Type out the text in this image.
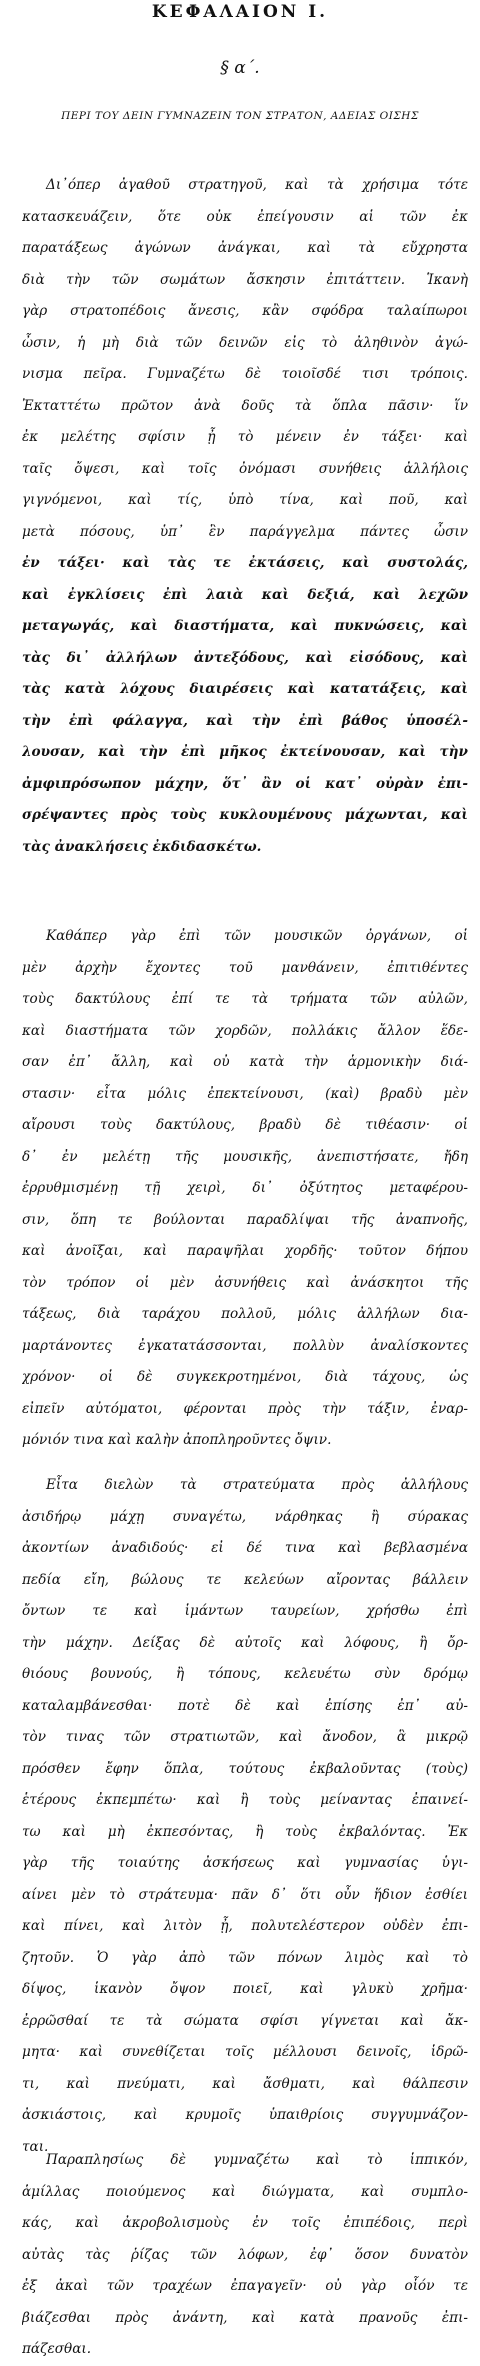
ΚΕΦΑΛΑΙΟΝ Ι.
§ α΄.
ΠΕΡΙ ΤΟΥ ΔΕΙΝ ΓΥΜΝΑΖΕΙΝ ΤΟΝ ΣΤΡΑΤΟΝ, ΑΔΕΙΑΣ ΟΙΣΗΣ
Δι᾽όπερ ἀγαθοῦ στρατηγοῦ, καὶ τὰ χρήσιμα τότε
κατασκευάζειν, ὅτε οὐκ ἐπείγουσιν αἱ τῶν ἐκ
παρατάξεως ἀγώνων ἀνάγκαι, καὶ τὰ εὔχρηστα
διὰ τὴν τῶν σωμάτων ἄσκησιν ἐπιτάττειν. Ἱκανὴ
γὰρ στρατοπέδοις ἄνεσις, κἂν σφόδρα ταλαίπωροι
ὦσιν, ἡ μὴ διὰ τῶν δεινῶν εἰς τὸ ἀληθινὸν ἀγώ-
νισμα πεῖρα. Γυμναζέτω δὲ τοιοῖσδέ τισι τρόποις.
Ἐκταττέτω πρῶτον ἀνὰ δοῦς τὰ ὅπλα πᾶσιν· ἵν
ἐκ μελέτης σφίσιν ᾖ τὸ μένειν ἐν τάξει· καὶ
ταῖς ὄψεσι, καὶ τοῖς ὀνόμασι συνήθεις ἀλλήλοις
γιγνόμενοι, καὶ τίς, ὑπὸ τίνα, καὶ ποῦ, καὶ
μετὰ πόσους, ὑπ᾽ ἓν παράγγελμα πάντες ὦσιν
ἐν τάξει· καὶ τὰς τε ἐκτάσεις, καὶ συστολάς,
καὶ ἐγκλίσεις ἐπὶ λαιὰ καὶ δεξιά, καὶ λεχῶν
μεταγωγάς, καὶ διαστήματα, καὶ πυκνώσεις, καὶ
τὰς δι᾽ ἀλλήλων ἀντεξόδους, καὶ εἰσόδους, καὶ
τὰς κατὰ λόχους διαιρέσεις καὶ κατατάξεις, καὶ
τὴν ἐπὶ φάλαγγα, καὶ τὴν ἐπὶ βάθος ὑποσέλ-
λουσαν, καὶ τὴν ἐπὶ μῆκος ἐκτείνουσαν, καὶ τὴν
ἀμφιπρόσωπον μάχην, ὅτ᾽ ἂν οἱ κατ᾽ οὐρὰν ἐπι-
σρέψαντες πρὸς τοὺς κυκλουμένους μάχωνται, καὶ
τὰς ἀνακλήσεις ἐκδιδασκέτω.
Καθάπερ γὰρ ἐπὶ τῶν μουσικῶν ὀργάνων, οἱ
μὲν ἀρχὴν ἔχοντες τοῦ μανθάνειν, ἐπιτιθέντες
τοὺς δακτύλους ἐπί τε τὰ τρήματα τῶν αὐλῶν,
καὶ διαστήματα τῶν χορδῶν, πολλάκις ἄλλον ἕδε-
σαν ἐπ᾽ ἄλλη, καὶ οὐ κατὰ τὴν ἁρμονικὴν διά-
στασιν· εἶτα μόλις ἐπεκτείνουσι, (καὶ) βραδὺ μὲν
αἴρουσι τοὺς δακτύλους, βραδὺ δὲ τιθέασιν· οἱ
δ᾽ ἐν μελέτῃ τῆς μουσικῆς, ἀνεπιστήσατε, ἤδη
ἐρρυθμισμένῃ τῇ χειρὶ, δι᾽ ὀξύτητος μεταφέρου-
σιν, ὅπη τε βούλονται παραδλίψαι τῆς ἀναπνοῆς,
καὶ ἀνοῖξαι, καὶ παραψῆλαι χορδῆς· τοῦτον δήπου
τὸν τρόπον οἱ μὲν ἀσυνήθεις καὶ ἀνάσκητοι τῆς
τάξεως, διὰ ταράχου πολλοῦ, μόλις ἀλλήλων δια-
μαρτάνοντες ἐγκατατάσσονται, πολλὺν ἀναλίσκοντες
χρόνον· οἱ δὲ συγκεκροτημένοι, διὰ τάχους, ὡς
εἰπεῖν αὐτόματοι, φέρονται πρὸς τὴν τάξιν, ἐναρ-
μόνιόν τινα καὶ καλὴν ἀποπληροῦντες ὄψιν.
Εἶτα διελὼν τὰ στρατεύματα πρὸς ἀλλήλους
ἀσιδήρῳ μάχῃ συναγέτω, νάρθηκας ἢ σύρακας
ἀκοντίων ἀναδιδούς· εἰ δέ τινα καὶ βεβλασμένα
πεδία εἴη, βώλους τε κελεύων αἴροντας βάλλειν
ὄντων τε καὶ ἱμάντων ταυρείων, χρήσθω ἐπὶ
τὴν μάχην. Δείξας δὲ αὐτοῖς καὶ λόφους, ἢ ὄρ-
θιόους βουνούς, ἢ τόπους, κελευέτω σὺν δρόμῳ
καταλαμβάνεσθαι· ποτὲ δὲ καὶ ἐπίσης ἐπ᾽ αὐ-
τὸν τινας τῶν στρατιωτῶν, καὶ ἄνοδον, ἃ μικρῷ
πρόσθεν ἔφην ὅπλα, τούτους ἐκβαλοῦντας (τοὺς)
ἑτέρους ἐκπεμπέτω· καὶ ἢ τοὺς μείναντας ἐπαινεί-
τω καὶ μὴ ἐκπεσόντας, ἢ τοὺς ἐκβαλόντας. Ἐκ
γὰρ τῆς τοιαύτης ἀσκήσεως καὶ γυμνασίας ὑγι-
αίνει μὲν τὸ στράτευμα· πᾶν δ᾽ ὅτι οὖν ἥδιον ἐσθίει
καὶ πίνει, καὶ λιτὸν ᾖ, πολυτελέστερον οὐδὲν ἐπι-
ζητοῦν. Ὁ γὰρ ἀπὸ τῶν πόνων λιμὸς καὶ τὸ
δίψος, ἱκανὸν ὄψον ποιεῖ, καὶ γλυκὺ χρῆμα·
ἐρρῶσθαί τε τὰ σώματα σφίσι γίγνεται καὶ ἄκ-
μητα· καὶ συνεθίζεται τοῖς μέλλουσι δεινοῖς, ἱδρῶ-
τι, καὶ πνεύματι, καὶ ἄσθματι, καὶ θάλπεσιν
ἀσκιάστοις, καὶ κρυμοῖς ὑπαιθρίοις συγγυμνάζον-
ται.
Παραπλησίως δὲ γυμναζέτω καὶ τὸ ἱππικόν,
ἁμίλλας ποιούμενος καὶ διώγματα, καὶ συμπλο-
κάς, καὶ ἀκροβολισμοὺς ἐν τοῖς ἐπιπέδοις, περὶ
αὐτὰς τὰς ῥίζας τῶν λόφων, ἐφ᾽ ὅσον δυνατὸν
ἐξ ἀκαὶ τῶν τραχέων ἐπαγαγεῖν· οὐ γὰρ οἷόν τε
βιάζεσθαι πρὸς ἀνάντη, καὶ κατὰ πρανοῦς ἐπι-
πάζεσθαι.
